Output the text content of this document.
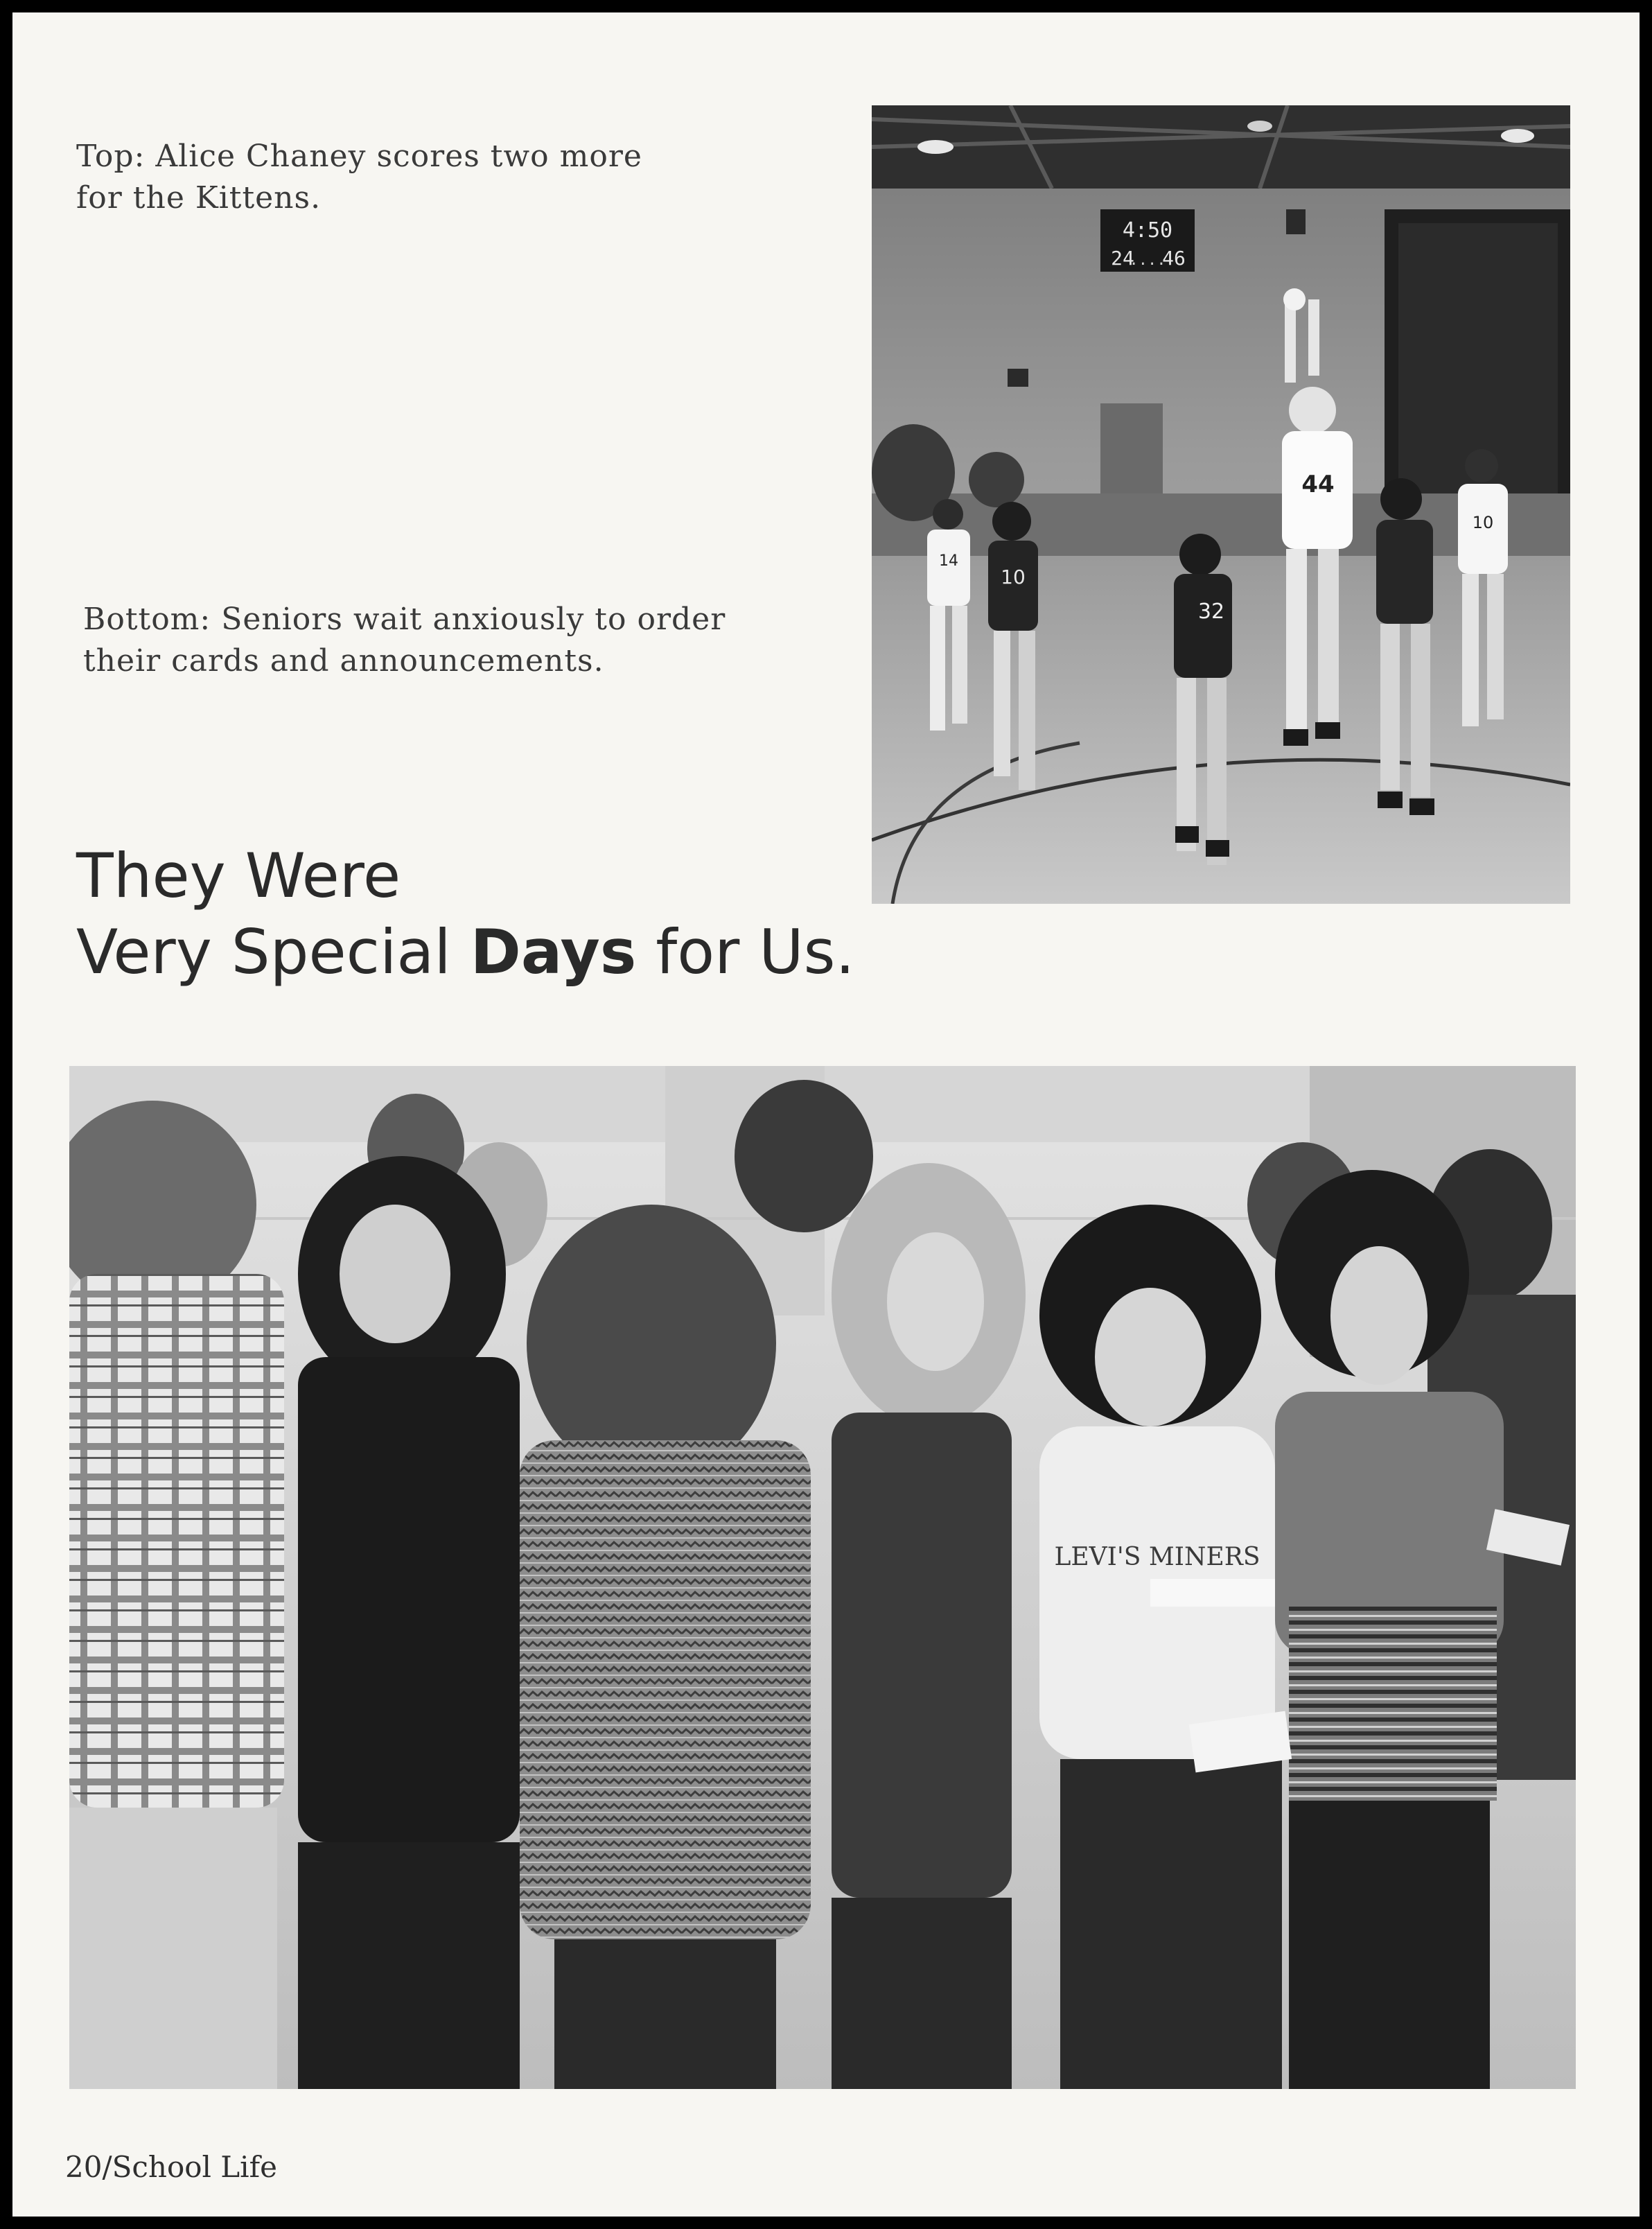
Top: Alice Chaney scores two more
for the Kittens.

Bottom: Seniors wait anxiously to order
their cards and announcements.

They Were
Very Special Days for Us.
4:50
24
....
46
14
10
32
44
10
LEVI'S MINERS

20/School Life
